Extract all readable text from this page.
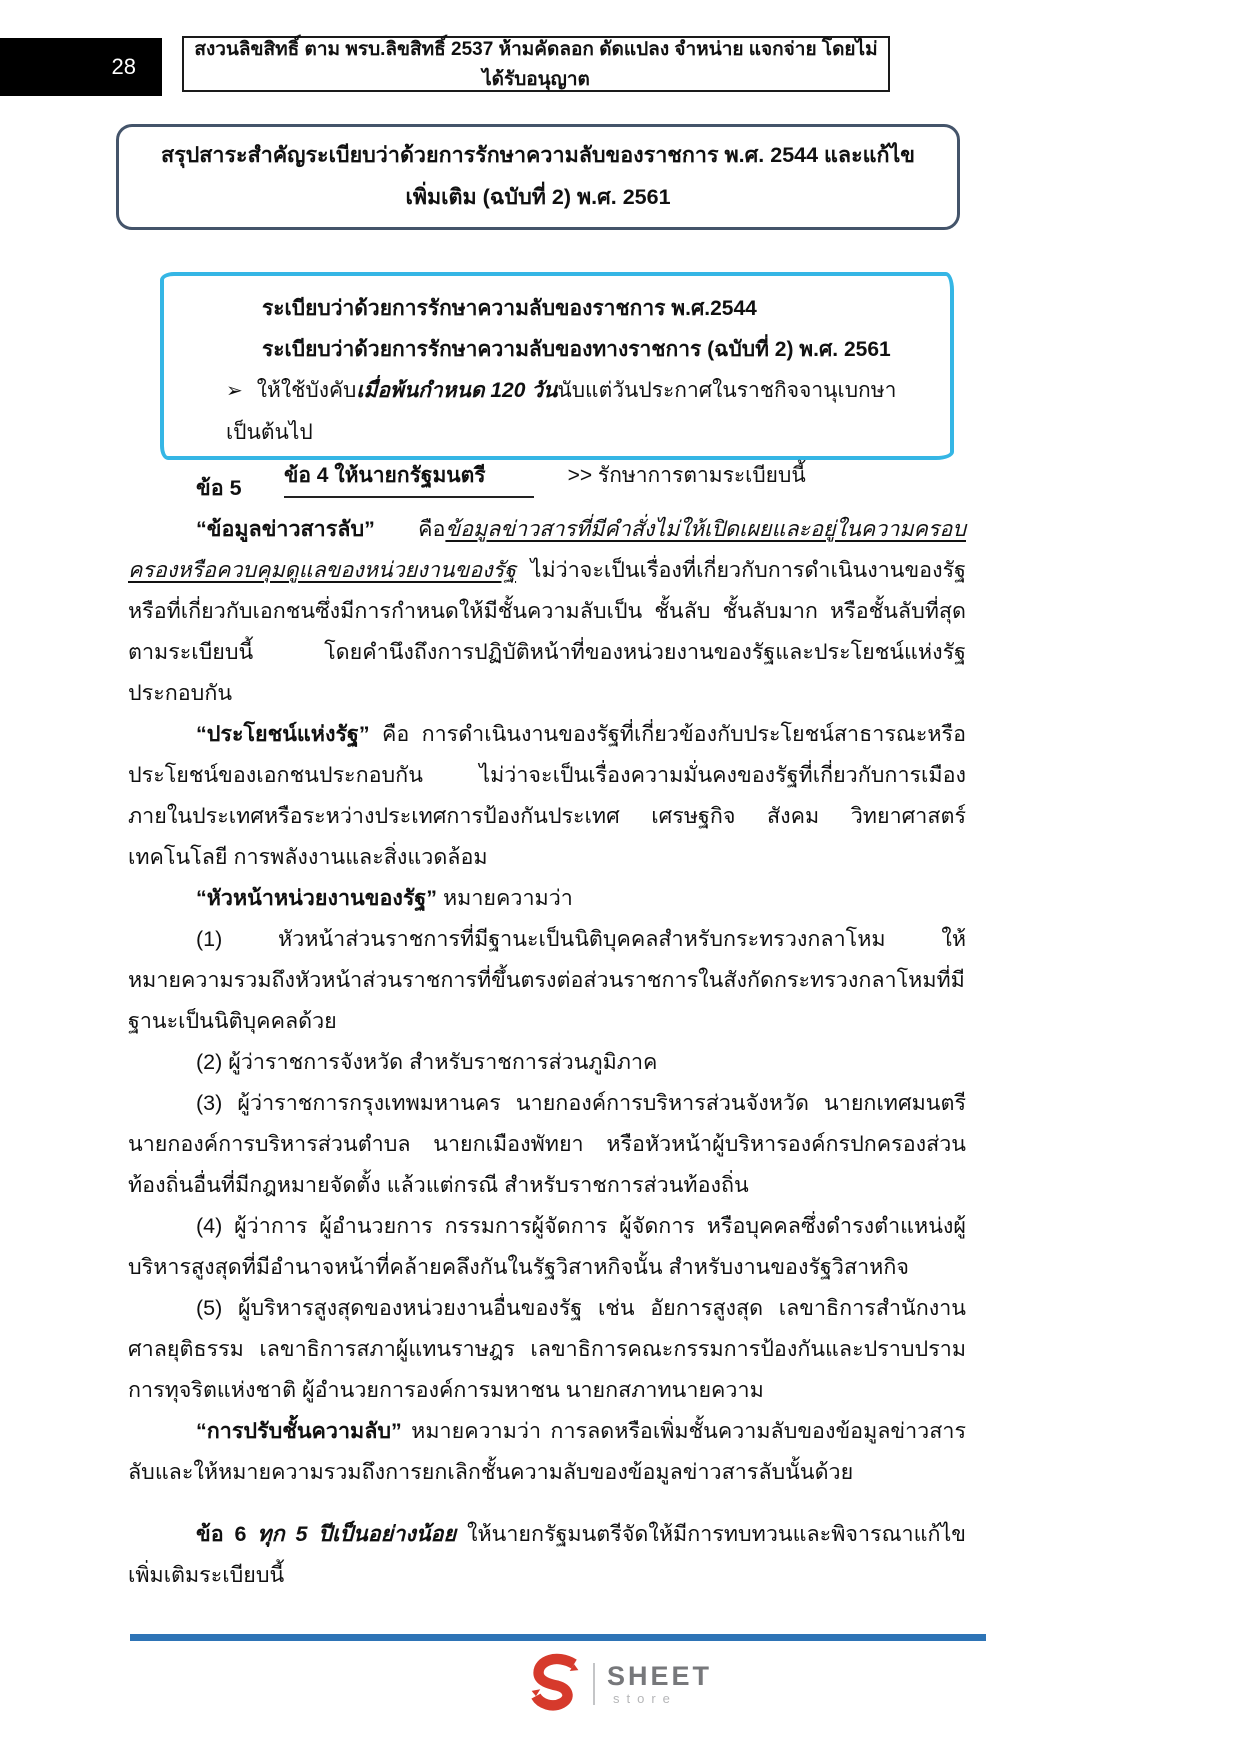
28
สงวนลิขสิทธิ์ ตาม พรบ.ลิขสิทธิ์ 2537 ห้ามคัดลอก ดัดแปลง จำหน่าย แจกจ่าย โดยไม่ได้รับอนุญาต
สรุปสาระสำคัญระเบียบว่าด้วยการรักษาความลับของราชการ พ.ศ. 2544 และแก้ไขเพิ่มเติม (ฉบับที่ 2) พ.ศ. 2561

ระเบียบว่าด้วยการรักษาความลับของราชการ พ.ศ.2544

ระเบียบว่าด้วยการรักษาความลับของทางราชการ (ฉบับที่ 2) พ.ศ. 2561

➢ ให้ใช้บังคับเมื่อพ้นกำหนด 120 วันนับแต่วันประกาศในราชกิจจานุเบกษาเป็นต้นไป

ข้อ 4 ให้นายกรัฐมนตรี	>> รักษาการตามระเบียบนี้

ข้อ 5

“ข้อมูลข่าวสารลับ” คือข้อมูลข่าวสารที่มีคำสั่งไม่ให้เปิดเผยและอยู่ในความครอบครองหรือควบคุมดูแลของหน่วยงานของรัฐ ไม่ว่าจะเป็นเรื่องที่เกี่ยวกับการดำเนินงานของรัฐหรือที่เกี่ยวกับเอกชนซึ่งมีการกำหนดให้มีชั้นความลับเป็น ชั้นลับ ชั้นลับมาก หรือชั้นลับที่สุด ตามระเบียบนี้ โดยคำนึงถึงการปฏิบัติหน้าที่ของหน่วยงานของรัฐและประโยชน์แห่งรัฐประกอบกัน

“ประโยชน์แห่งรัฐ” คือ การดำเนินงานของรัฐที่เกี่ยวข้องกับประโยชน์สาธารณะหรือประโยชน์ของเอกชนประกอบกัน ไม่ว่าจะเป็นเรื่องความมั่นคงของรัฐที่เกี่ยวกับการเมืองภายในประเทศหรือระหว่างประเทศการป้องกันประเทศ เศรษฐกิจ สังคม วิทยาศาสตร์ เทคโนโลยี การพลังงานและสิ่งแวดล้อม

“หัวหน้าหน่วยงานของรัฐ” หมายความว่า

(1) หัวหน้าส่วนราชการที่มีฐานะเป็นนิติบุคคลสำหรับกระทรวงกลาโหม ให้หมายความรวมถึงหัวหน้าส่วนราชการที่ขึ้นตรงต่อส่วนราชการในสังกัดกระทรวงกลาโหมที่มีฐานะเป็นนิติบุคคลด้วย

(2) ผู้ว่าราชการจังหวัด สำหรับราชการส่วนภูมิภาค

(3) ผู้ว่าราชการกรุงเทพมหานคร นายกองค์การบริหารส่วนจังหวัด นายกเทศมนตรี นายกองค์การบริหารส่วนตำบล นายกเมืองพัทยา หรือหัวหน้าผู้บริหารองค์กรปกครองส่วนท้องถิ่นอื่นที่มีกฎหมายจัดตั้ง แล้วแต่กรณี สำหรับราชการส่วนท้องถิ่น

(4) ผู้ว่าการ ผู้อำนวยการ กรรมการผู้จัดการ ผู้จัดการ หรือบุคคลซึ่งดำรงตำแหน่งผู้บริหารสูงสุดที่มีอำนาจหน้าที่คล้ายคลึงกันในรัฐวิสาหกิจนั้น สำหรับงานของรัฐวิสาหกิจ

(5) ผู้บริหารสูงสุดของหน่วยงานอื่นของรัฐ เช่น อัยการสูงสุด เลขาธิการสำนักงานศาลยุติธรรม เลขาธิการสภาผู้แทนราษฎร เลขาธิการคณะกรรมการป้องกันและปราบปรามการทุจริตแห่งชาติ ผู้อำนวยการองค์การมหาชน นายกสภาทนายความ

“การปรับชั้นความลับ” หมายความว่า การลดหรือเพิ่มชั้นความลับของข้อมูลข่าวสารลับและให้หมายความรวมถึงการยกเลิกชั้นความลับของข้อมูลข่าวสารลับนั้นด้วย

ข้อ 6 ทุก 5 ปีเป็นอย่างน้อย ให้นายกรัฐมนตรีจัดให้มีการทบทวนและพิจารณาแก้ไขเพิ่มเติมระเบียบนี้

SHEET
store
